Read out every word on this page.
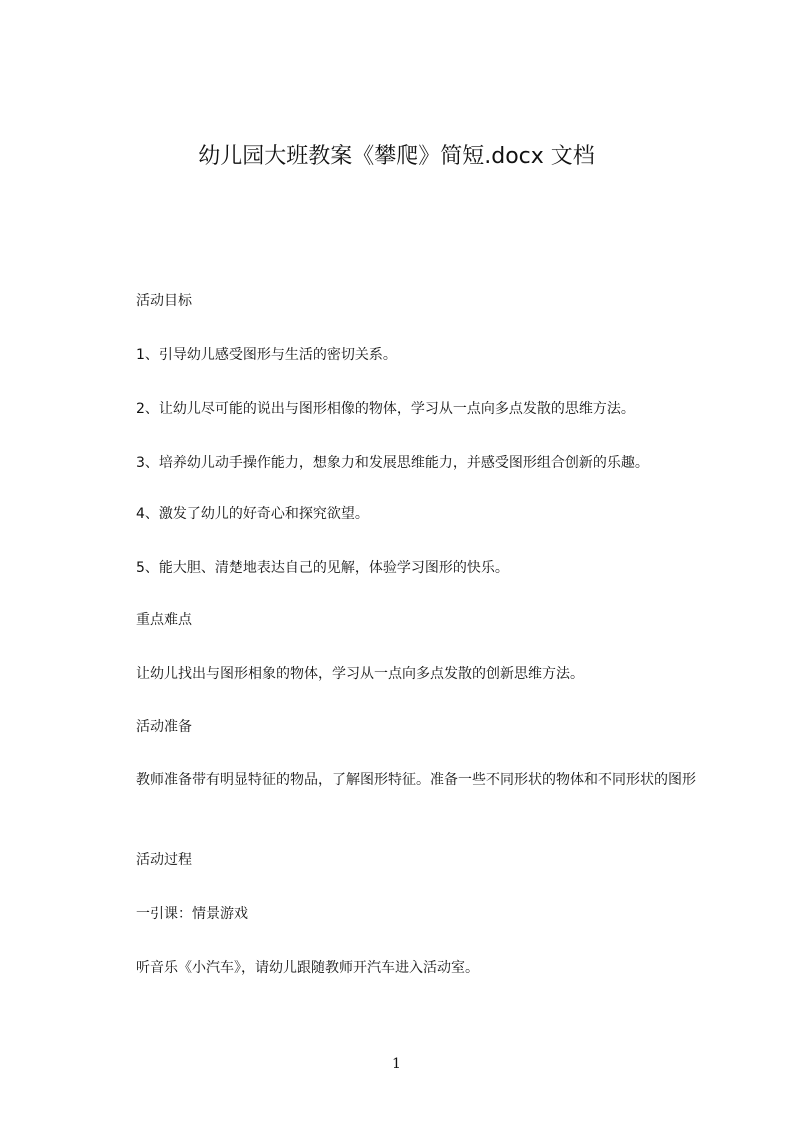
幼儿园大班教案《攀爬》简短.docx 文档
活动目标
1、引导幼儿感受图形与生活的密切关系。
2、让幼儿尽可能的说出与图形相像的物体，学习从一点向多点发散的思维方法。
3、培养幼儿动手操作能力，想象力和发展思维能力，并感受图形组合创新的乐趣。
4、激发了幼儿的好奇心和探究欲望。
5、能大胆、清楚地表达自己的见解，体验学习图形的快乐。
重点难点
让幼儿找出与图形相象的物体，学习从一点向多点发散的创新思维方法。
活动准备
教师准备带有明显特征的物品，了解图形特征。准备一些不同形状的物体和不同形状的图形
活动过程
一引课：情景游戏
听音乐《小汽车》，请幼儿跟随教师开汽车进入活动室。
1
